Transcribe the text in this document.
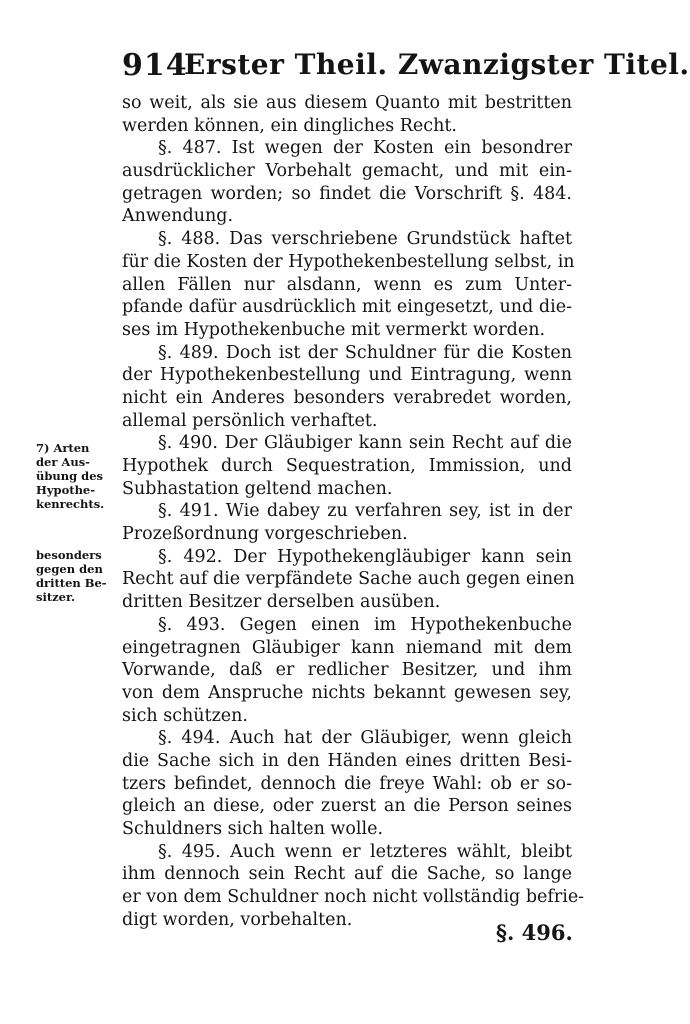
914
Erster Theil. Zwanzigster Titel.
7) Arten
der Aus-
übung des
Hypothe-
kenrechts.
besonders
gegen den
dritten Be-
sitzer.
so weit, als sie aus diesem Quanto mit bestritten
werden können, ein dingliches Recht.
§. 487. Ist wegen der Kosten ein besondrer
ausdrücklicher Vorbehalt gemacht, und mit ein-
getragen worden; so findet die Vorschrift §. 484.
Anwendung.
§. 488. Das verschriebene Grundstück haftet
für die Kosten der Hypothekenbestellung selbst, in
allen Fällen nur alsdann, wenn es zum Unter-
pfande dafür ausdrücklich mit eingesetzt, und die-
ses im Hypothekenbuche mit vermerkt worden.
§. 489. Doch ist der Schuldner für die Kosten
der Hypothekenbestellung und Eintragung, wenn
nicht ein Anderes besonders verabredet worden,
allemal persönlich verhaftet.
§. 490. Der Gläubiger kann sein Recht auf die
Hypothek durch Sequestration, Immission, und
Subhastation geltend machen.
§. 491. Wie dabey zu verfahren sey, ist in der
Prozeßordnung vorgeschrieben.
§. 492. Der Hypothekengläubiger kann sein
Recht auf die verpfändete Sache auch gegen einen
dritten Besitzer derselben ausüben.
§. 493. Gegen einen im Hypothekenbuche
eingetragnen Gläubiger kann niemand mit dem
Vorwande, daß er redlicher Besitzer, und ihm
von dem Anspruche nichts bekannt gewesen sey,
sich schützen.
§. 494. Auch hat der Gläubiger, wenn gleich
die Sache sich in den Händen eines dritten Besi-
tzers befindet, dennoch die freye Wahl: ob er so-
gleich an diese, oder zuerst an die Person seines
Schuldners sich halten wolle.
§. 495. Auch wenn er letzteres wählt, bleibt
ihm dennoch sein Recht auf die Sache, so lange
er von dem Schuldner noch nicht vollständig befrie-
digt worden, vorbehalten.
§. 496.
